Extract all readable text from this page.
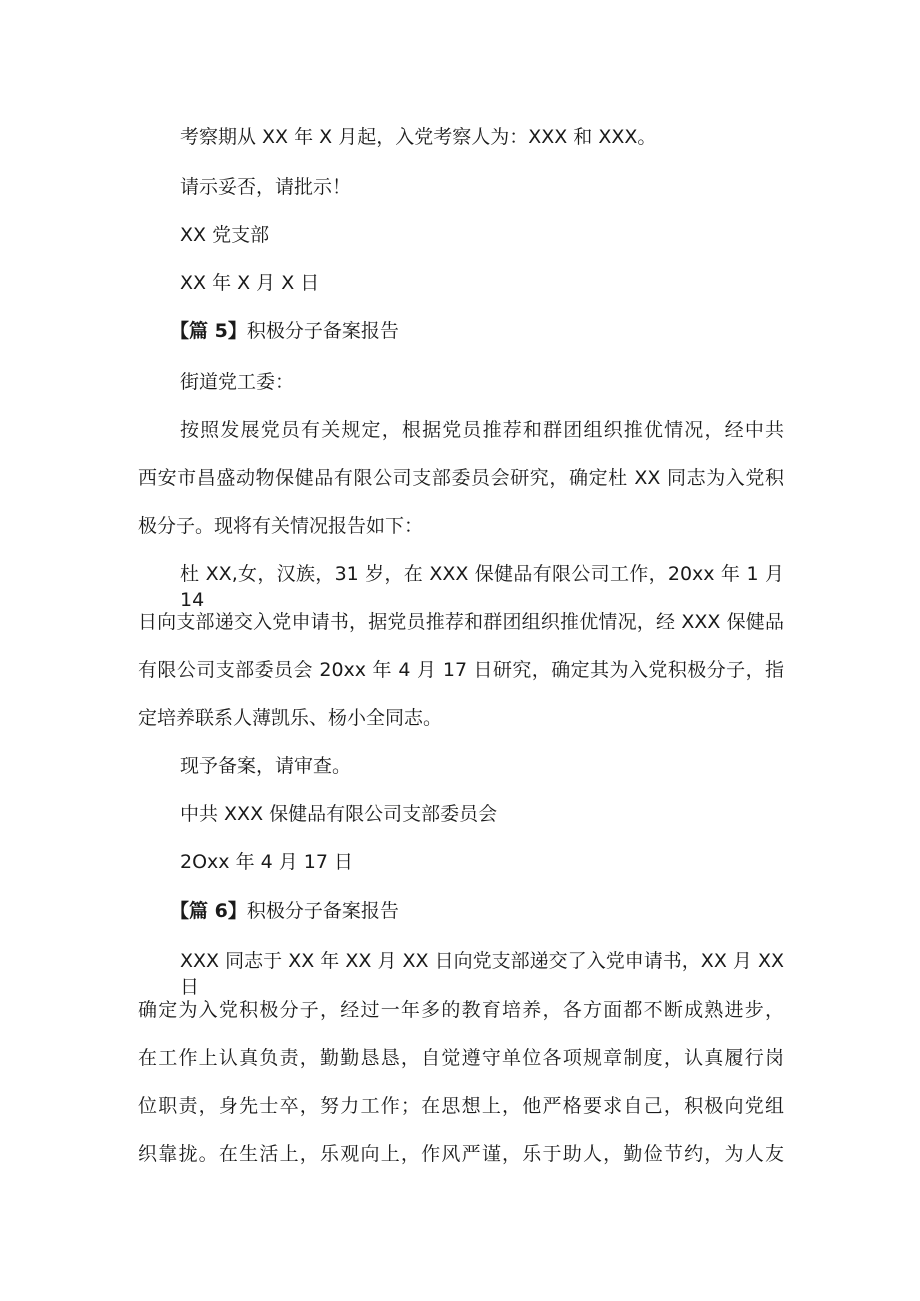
考察期从 XX 年 X 月起，入党考察人为：XXX 和 XXX。
请示妥否，请批示！
XX 党支部
XX 年 X 月 X 日
【篇 5】积极分子备案报告
街道党工委：
按照发展党员有关规定，根据党员推荐和群团组织推优情况，经中共
西安市昌盛动物保健品有限公司支部委员会研究，确定杜 XX 同志为入党积
极分子。现将有关情况报告如下：
杜 XX,女，汉族，31 岁，在 XXX 保健品有限公司工作，20xx 年 1 月 14
日向支部递交入党申请书，据党员推荐和群团组织推优情况，经 XXX 保健品
有限公司支部委员会 20xx 年 4 月 17 日研究，确定其为入党积极分子，指
定培养联系人薄凯乐、杨小全同志。
现予备案，请审查。
中共 XXX 保健品有限公司支部委员会
2Oxx 年 4 月 17 日
【篇 6】积极分子备案报告
XXX 同志于 XX 年 XX 月 XX 日向党支部递交了入党申请书，XX 月 XX 日
确定为入党积极分子，经过一年多的教育培养，各方面都不断成熟进步，
在工作上认真负责，勤勤恳恳，自觉遵守单位各项规章制度，认真履行岗
位职责，身先士卒，努力工作；在思想上，他严格要求自己，积极向党组
织靠拢。在生活上，乐观向上，作风严谨，乐于助人，勤俭节约，为人友
